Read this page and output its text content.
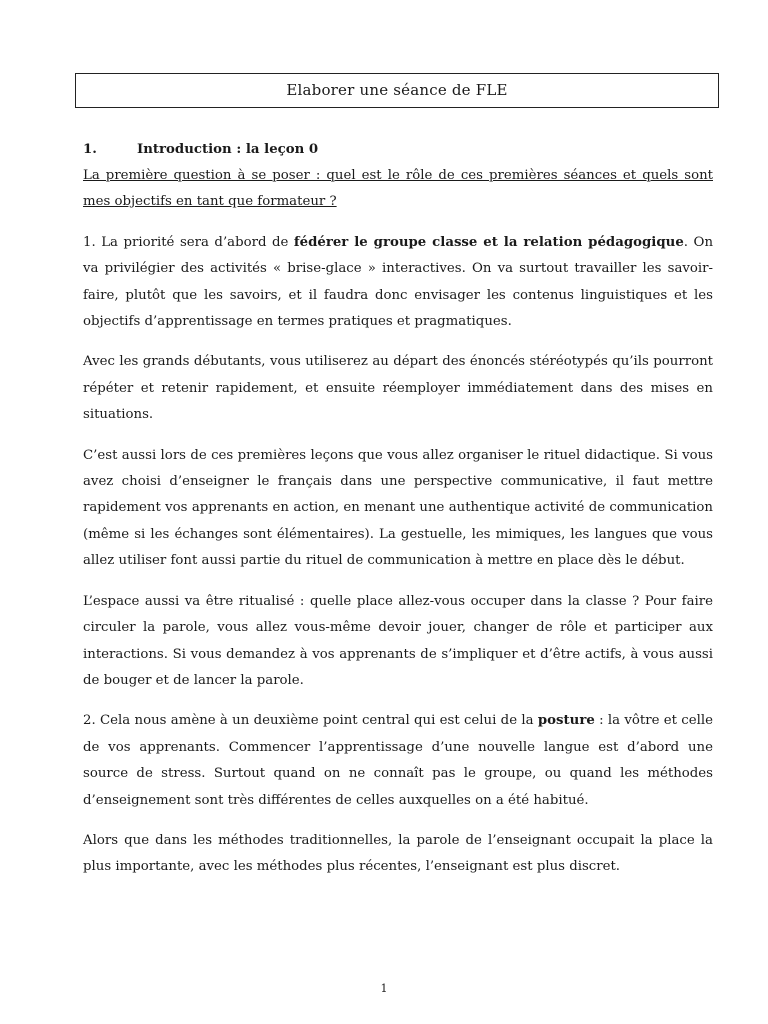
Elaborer une séance de FLE
1.	Introduction : la leçon 0
La première question à se poser : quel est le rôle de ces premières séances et quels sont mes objectifs en tant que formateur ?

1. La priorité sera d’abord de fédérer le groupe classe et la relation pédagogique. On va privilégier des activités « brise-glace » interactives. On va surtout travailler les savoir-faire, plutôt que les savoirs, et il faudra donc envisager les contenus linguistiques et les objectifs d’apprentissage en termes pratiques et pragmatiques.

Avec les grands débutants, vous utiliserez au départ des énoncés stéréotypés qu’ils pourront répéter et retenir rapidement, et ensuite réemployer immédiatement dans des mises en situations.

C’est aussi lors de ces premières leçons que vous allez organiser le rituel didactique. Si vous avez choisi d’enseigner le français dans une perspective communicative, il faut mettre rapidement vos apprenants en action, en menant une authentique activité de communication (même si les échanges sont élémentaires). La gestuelle, les mimiques, les langues que vous allez utiliser font aussi partie du rituel de communication à mettre en place dès le début.

L’espace aussi va être ritualisé : quelle place allez-vous occuper dans la classe ? Pour faire circuler la parole, vous allez vous-même devoir jouer, changer de rôle et participer aux interactions. Si vous demandez à vos apprenants de s’impliquer et d’être actifs, à vous aussi de bouger et de lancer la parole.

2. Cela nous amène à un deuxième point central qui est celui de la posture : la vôtre et celle de vos apprenants. Commencer l’apprentissage d’une nouvelle langue est d’abord une source de stress. Surtout quand on ne connaît pas le groupe, ou quand les méthodes d’enseignement sont très différentes de celles auxquelles on a été habitué.

Alors que dans les méthodes traditionnelles, la parole de l’enseignant occupait la place la plus importante, avec les méthodes plus récentes, l’enseignant est plus discret.

1
